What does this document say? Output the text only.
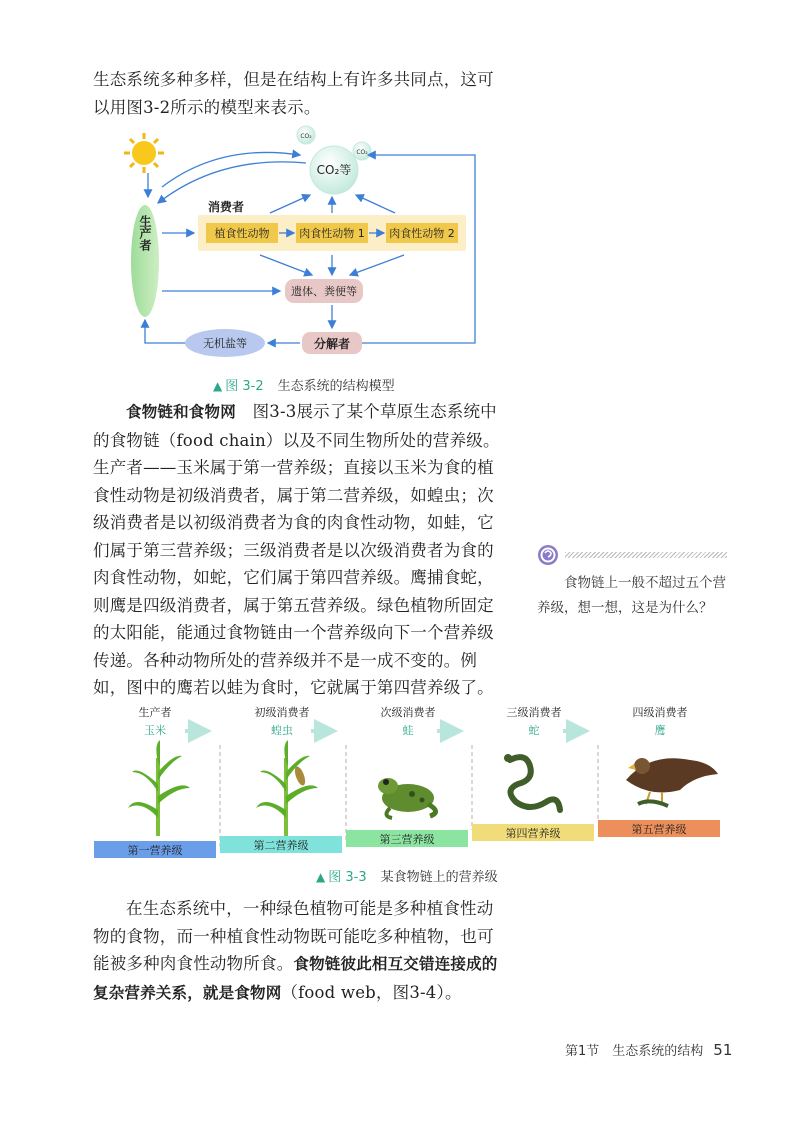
生态系统多种多样，但是在结构上有许多共同点，这可以用图3-2所示的模型来表示。

CO₂
CO₂
CO₂等
生产者
消费者
植食性动物	肉食性动物 1 肉食性动物 2
遗体、粪便等
无机盐等	分解者
▲ 图 3-2 生态系统的结构模型

食物链和食物网　 图3-3展示了某个草原生态系统中的食物链（food chain）以及不同生物所处的营养级。生产者——玉米属于第一营养级；直接以玉米为食的植食性动物是初级消费者，属于第二营养级，如蝗虫；次级消费者是以初级消费者为食的肉食性动物，如蛙，它们属于第三营养级；三级消费者是以次级消费者为食的肉食性动物，如蛇，它们属于第四营养级。鹰捕食蛇，则鹰是四级消费者，属于第五营养级。绿色植物所固定的太阳能，能通过食物链由一个营养级向下一个营养级传递。各种动物所处的营养级并不是一成不变的。例如，图中的鹰若以蛙为食时，它就属于第四营养级了。

食物链上一般不超过五个营养级，想一想，这是为什么？

生产者	初级消费者	次级消费者	三级消费者	四级消费者
玉米	蝗虫	蛙	蛇	鹰
第一营养级	第二营养级	第三营养级	第四营养级	第五营养级
▲ 图 3-3 某食物链上的营养级

在生态系统中，一种绿色植物可能是多种植食性动物的食物，而一种植食性动物既可能吃多种植物，也可能被多种肉食性动物所食。食物链彼此相互交错连接成的复杂营养关系，就是食物网（food web，图3-4）。

第1节　生态系统的结构 51
